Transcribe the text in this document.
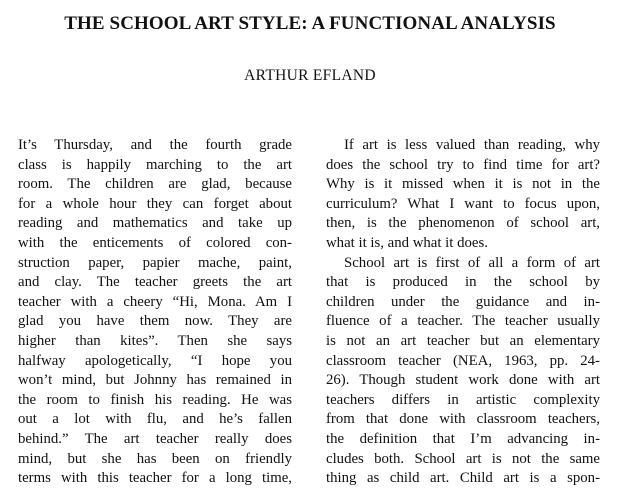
THE SCHOOL ART STYLE: A FUNCTIONAL ANALYSIS
ARTHUR EFLAND
It’s Thursday, and the fourth grade
class is happily marching to the art
room. The children are glad, because
for a whole hour they can forget about
reading and mathematics and take up
with the enticements of colored con-
struction paper, papier mache, paint,
and clay. The teacher greets the art
teacher with a cheery “Hi, Mona. Am I
glad you have them now. They are
higher than kites”. Then she says
halfway apologetically, “I hope you
won’t mind, but Johnny has remained in
the room to finish his reading. He was
out a lot with flu, and he’s fallen
behind.” The art teacher really does
mind, but she has been on friendly
terms with this teacher for a long time,
If art is less valued than reading, why
does the school try to find time for art?
Why is it missed when it is not in the
curriculum? What I want to focus upon,
then, is the phenomenon of school art,
what it is, and what it does.
School art is first of all a form of art
that is produced in the school by
children under the guidance and in-
fluence of a teacher. The teacher usually
is not an art teacher but an elementary
classroom teacher (NEA, 1963, pp. 24-
26). Though student work done with art
teachers differs in artistic complexity
from that done with classroom teachers,
the definition that I’m advancing in-
cludes both. School art is not the same
thing as child art. Child art is a spon-
